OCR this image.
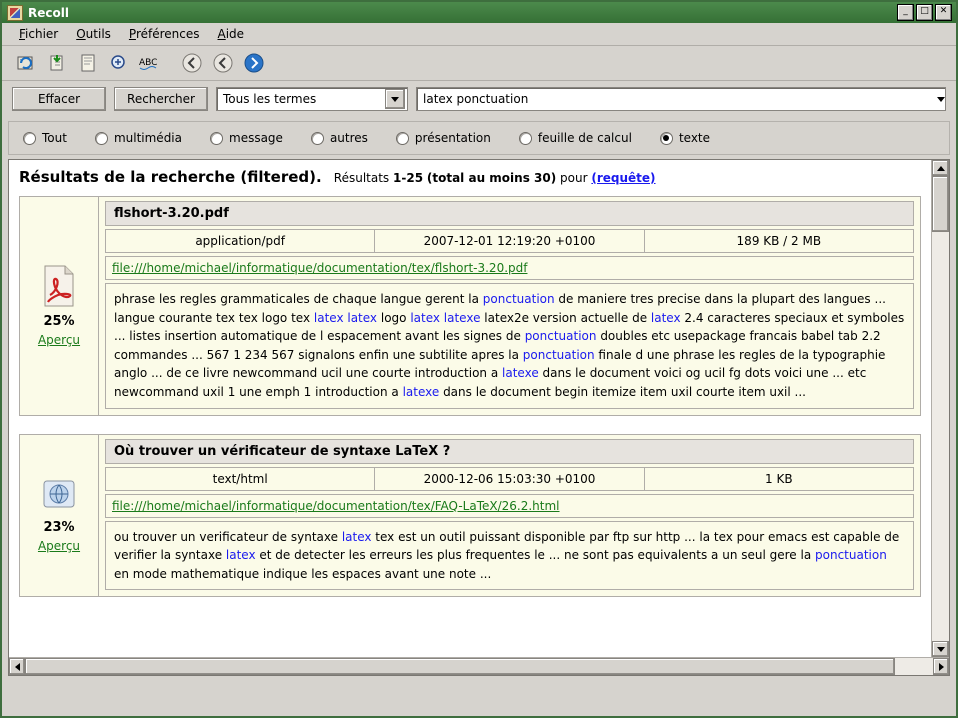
Recoll	_	□	✕
Fichier	Outils	Préférences	Aide
ABC
Effacer	Rechercher	Tous les termes
latex ponctuation
Tout	multimédia	message	autres	présentation	feuille de calcul	texte
Résultats de la recherche (filtered). Résultats 1-25 (total au moins 30) pour (requête)
25%
Aperçu
flshort-3.20.pdf
application/pdf	2007-12-01 12:19:20 +0100	189 KB / 2 MB
file:///home/michael/informatique/documentation/tex/flshort-3.20.pdf
phrase les regles grammaticales de chaque langue gerent la ponctuation de maniere tres precise dans la plupart des langues ... langue courante tex tex logo tex latex latex logo latex latexe latex2e version actuelle de latex 2.4 caracteres speciaux et symboles ... listes insertion automatique de l espacement avant les signes de ponctuation doubles etc usepackage francais babel tab 2.2 commandes ... 567 1 234 567 signalons enfin une subtilite apres la ponctuation finale d une phrase les regles de la typographie anglo ... de ce livre newcommand ucil une courte introduction a latexe dans le document voici og ucil fg dots voici une ... etc newcommand uxil 1 une emph 1 introduction a latexe dans le document begin itemize item uxil courte item uxil ...
23%
Aperçu
Où trouver un vérificateur de syntaxe LaTeX ?
text/html	2000-12-06 15:03:30 +0100	1 KB
file:///home/michael/informatique/documentation/tex/FAQ-LaTeX/26.2.html
ou trouver un verificateur de syntaxe latex tex est un outil puissant disponible par ftp sur http ... la tex pour emacs est capable de verifier la syntaxe latex et de detecter les erreurs les plus frequentes le ... ne sont pas equivalents a un seul gere la ponctuation en mode mathematique indique les espaces avant une note ...
